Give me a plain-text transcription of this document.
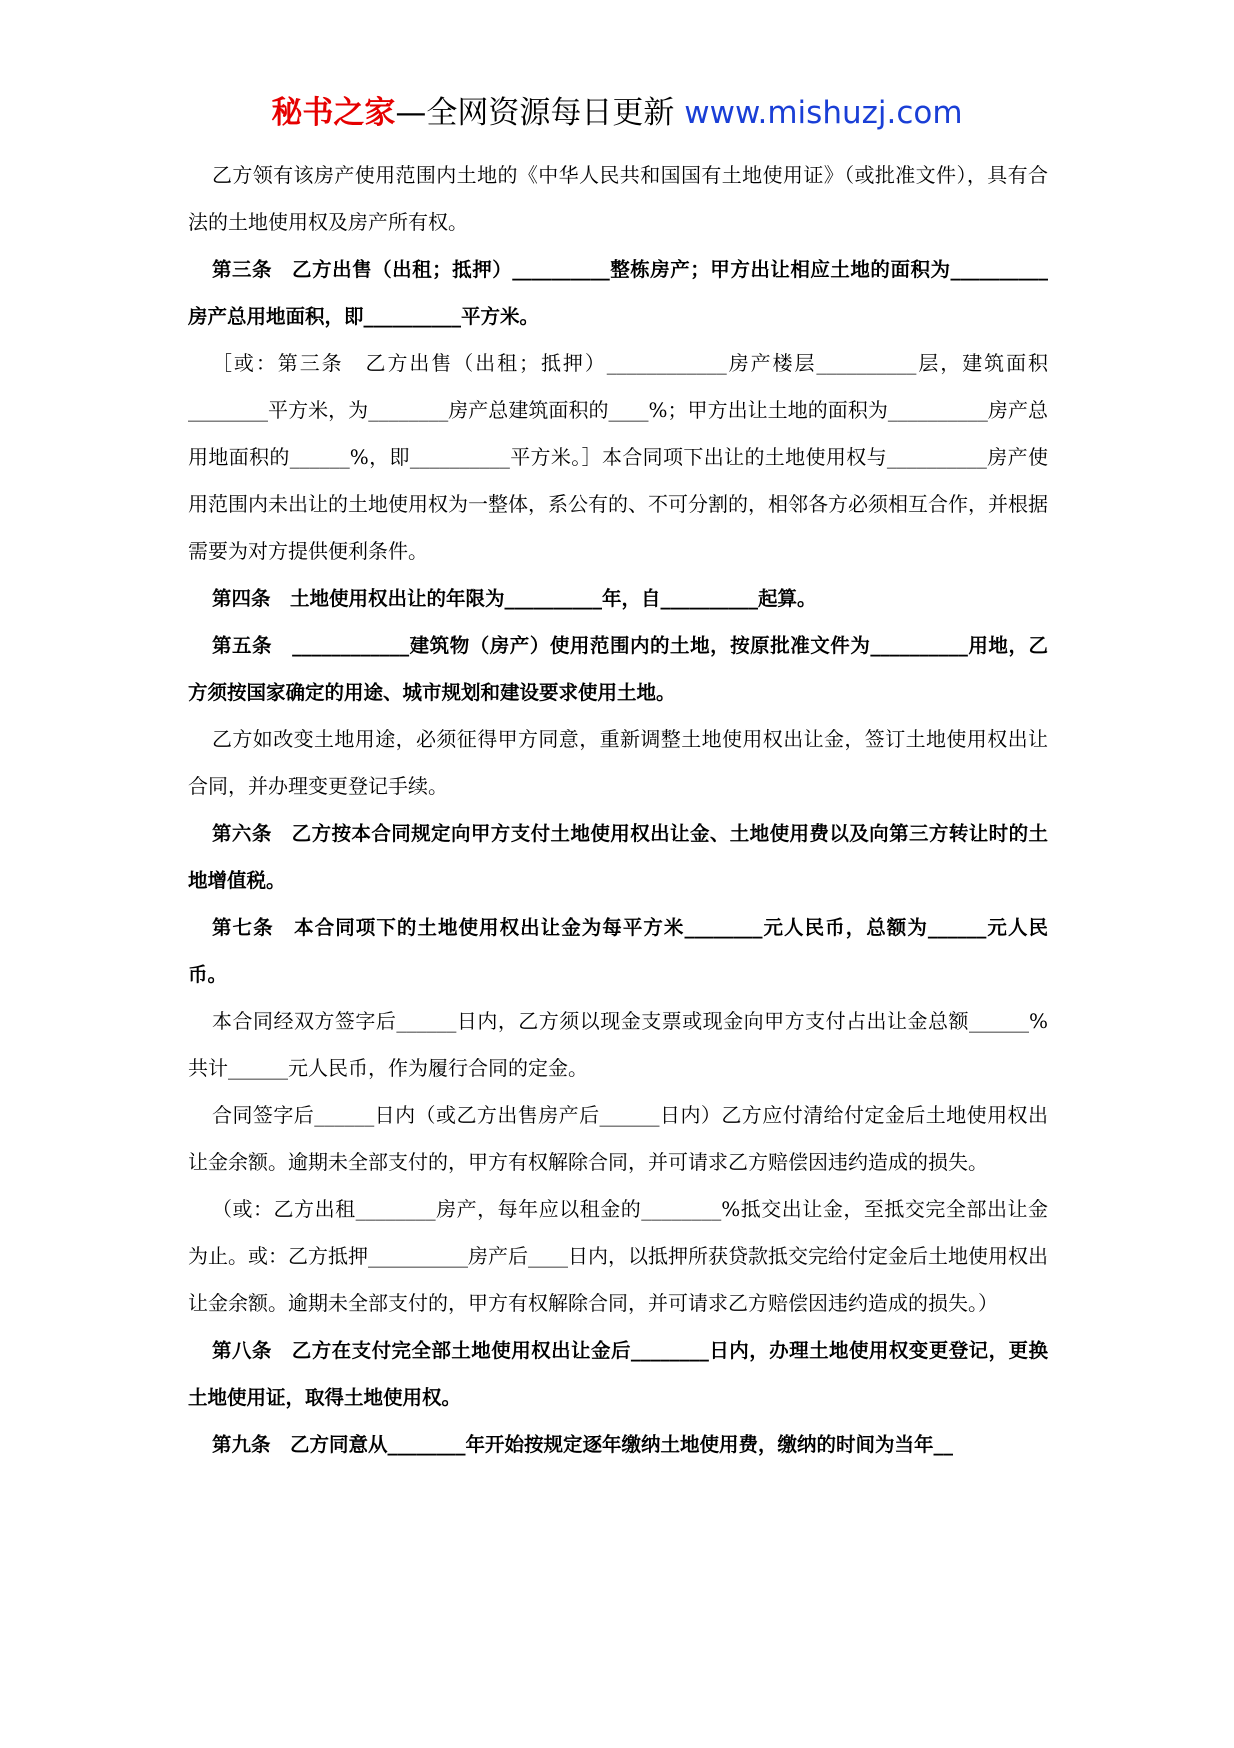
秘书之家—全网资源每日更新 www.mishuzj.com

乙方领有该房产使用范围内土地的《中华人民共和国国有土地使用证》（或批准文件），具有合法的土地使用权及房产所有权。

第三条　乙方出售（出租；抵押）__________整栋房产；甲方出让相应土地的面积为__________房产总用地面积，即__________平方米。

［或：第三条　乙方出售（出租；抵押）____________房产楼层__________层，建筑面积________平方米，为________房产总建筑面积的____%；甲方出让土地的面积为__________房产总用地面积的______%，即__________平方米。］本合同项下出让的土地使用权与__________房产使用范围内未出让的土地使用权为一整体，系公有的、不可分割的，相邻各方必须相互合作，并根据需要为对方提供便利条件。

第四条　土地使用权出让的年限为__________年，自__________起算。

第五条　____________建筑物（房产）使用范围内的土地，按原批准文件为__________用地，乙方须按国家确定的用途、城市规划和建设要求使用土地。

乙方如改变土地用途，必须征得甲方同意，重新调整土地使用权出让金，签订土地使用权出让合同，并办理变更登记手续。

第六条　乙方按本合同规定向甲方支付土地使用权出让金、土地使用费以及向第三方转让时的土地增值税。

第七条　本合同项下的土地使用权出让金为每平方米________元人民币，总额为______元人民币。

本合同经双方签字后______日内，乙方须以现金支票或现金向甲方支付占出让金总额______%共计______元人民币，作为履行合同的定金。

合同签字后______日内（或乙方出售房产后______日内）乙方应付清给付定金后土地使用权出让金余额。逾期未全部支付的，甲方有权解除合同，并可请求乙方赔偿因违约造成的损失。

（或：乙方出租________房产，每年应以租金的________%抵交出让金，至抵交完全部出让金为止。或：乙方抵押__________房产后____日内，以抵押所获贷款抵交完给付定金后土地使用权出让金余额。逾期未全部支付的，甲方有权解除合同，并可请求乙方赔偿因违约造成的损失。）

第八条　乙方在支付完全部土地使用权出让金后________日内，办理土地使用权变更登记，更换土地使用证，取得土地使用权。

第九条　乙方同意从________年开始按规定逐年缴纳土地使用费，缴纳的时间为当年__
